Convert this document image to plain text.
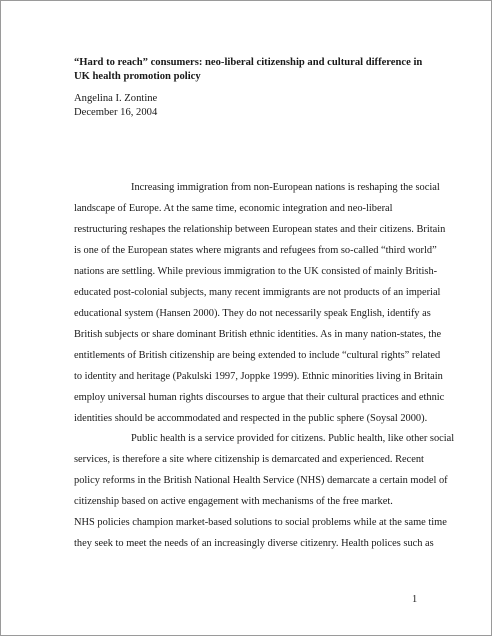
“Hard to reach” consumers: neo-liberal citizenship and cultural difference in UK health promotion policy

Angelina I. Zontine
December 16, 2004
Increasing immigration from non-European nations is reshaping the social
landscape of Europe. At the same time, economic integration and neo-liberal
restructuring reshapes the relationship between European states and their citizens. Britain
is one of the European states where migrants and refugees from so-called “third world”
nations are settling. While previous immigration to the UK consisted of mainly British-
educated post-colonial subjects, many recent immigrants are not products of an imperial
educational system (Hansen 2000). They do not necessarily speak English, identify as
British subjects or share dominant British ethnic identities. As in many nation-states, the
entitlements of British citizenship are being extended to include “cultural rights” related
to identity and heritage (Pakulski 1997, Joppke 1999). Ethnic minorities living in Britain
employ universal human rights discourses to argue that their cultural practices and ethnic
identities should be accommodated and respected in the public sphere (Soysal 2000).
Public health is a service provided for citizens. Public health, like other social
services, is therefore a site where citizenship is demarcated and experienced. Recent
policy reforms in the British National Health Service (NHS) demarcate a certain model of
citizenship based on active engagement with mechanisms of the free market.
NHS policies champion market-based solutions to social problems while at the same time
they seek to meet the needs of an increasingly diverse citizenry. Health polices such as
1
